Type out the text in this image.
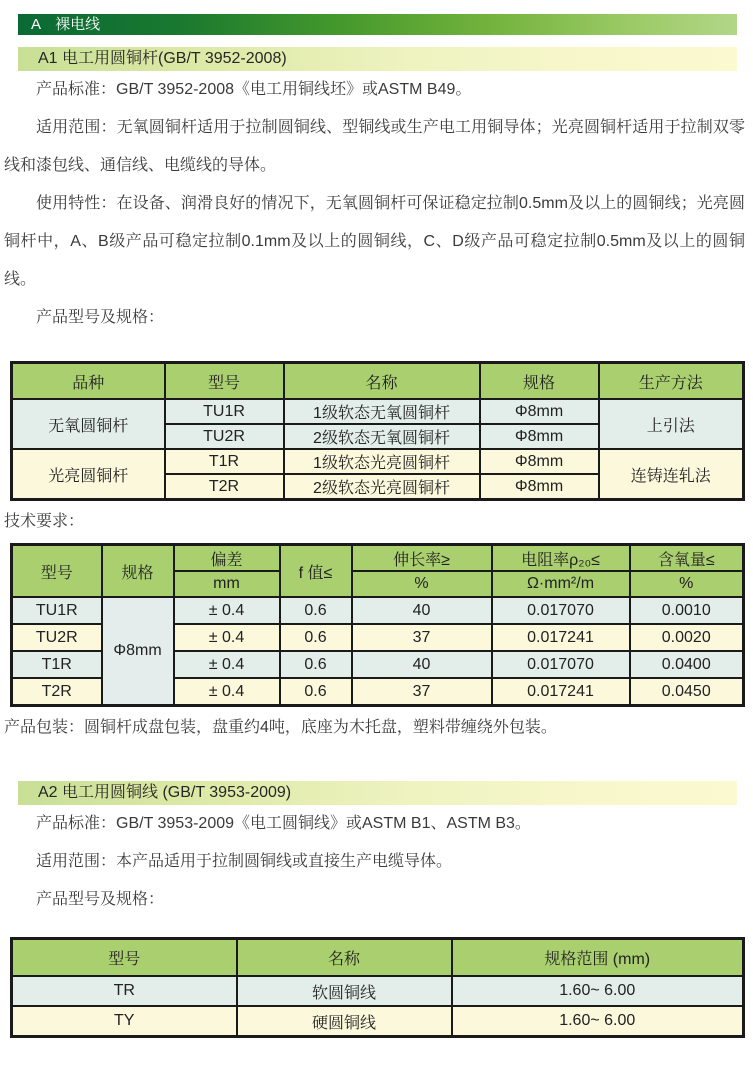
A　裸电线
A1 电工用圆铜杆(GB/T 3952-2008)

产品标准：GB/T 3952-2008《电工用铜线坯》或ASTM B49。

适用范围：无氧圆铜杆适用于拉制圆铜线、型铜线或生产电工用铜导体；光亮圆铜杆适用于拉制双零线和漆包线、通信线、电缆线的导体。

使用特性：在设备、润滑良好的情况下，无氧圆铜杆可保证稳定拉制0.5mm及以上的圆铜线；光亮圆铜杆中，A、B级产品可稳定拉制0.1mm及以上的圆铜线，C、D级产品可稳定拉制0.5mm及以上的圆铜线。

产品型号及规格：

品种	型号	名称	规格	生产方法
无氧圆铜杆	TU1R	1级软态无氧圆铜杆	Φ8mm	上引法
	TU2R	2级软态无氧圆铜杆	Φ8mm	
光亮圆铜杆	T1R	1级软态光亮圆铜杆	Φ8mm	连铸连轧法
	T2R	2级软态光亮圆铜杆	Φ8mm	

技术要求：

型号	规格	偏差	f 值≤	伸长率≥	电阻率ρ₂₀≤	含氧量≤
		mm		%	Ω·mm²/m	%
TU1R	Φ8mm	± 0.4	0.6	40	0.017070	0.0010
TU2R		± 0.4	0.6	37	0.017241	0.0020
T1R		± 0.4	0.6	40	0.017070	0.0400
T2R		± 0.4	0.6	37	0.017241	0.0450

产品包装：圆铜杆成盘包装，盘重约4吨，底座为木托盘，塑料带缠绕外包装。

A2 电工用圆铜线 (GB/T 3953-2009)

产品标准：GB/T 3953-2009《电工圆铜线》或ASTM B1、ASTM B3。

适用范围：本产品适用于拉制圆铜线或直接生产电缆导体。

产品型号及规格：

型号	名称	规格范围 (mm)
TR	软圆铜线	1.60~ 6.00
TY	硬圆铜线	1.60~ 6.00
